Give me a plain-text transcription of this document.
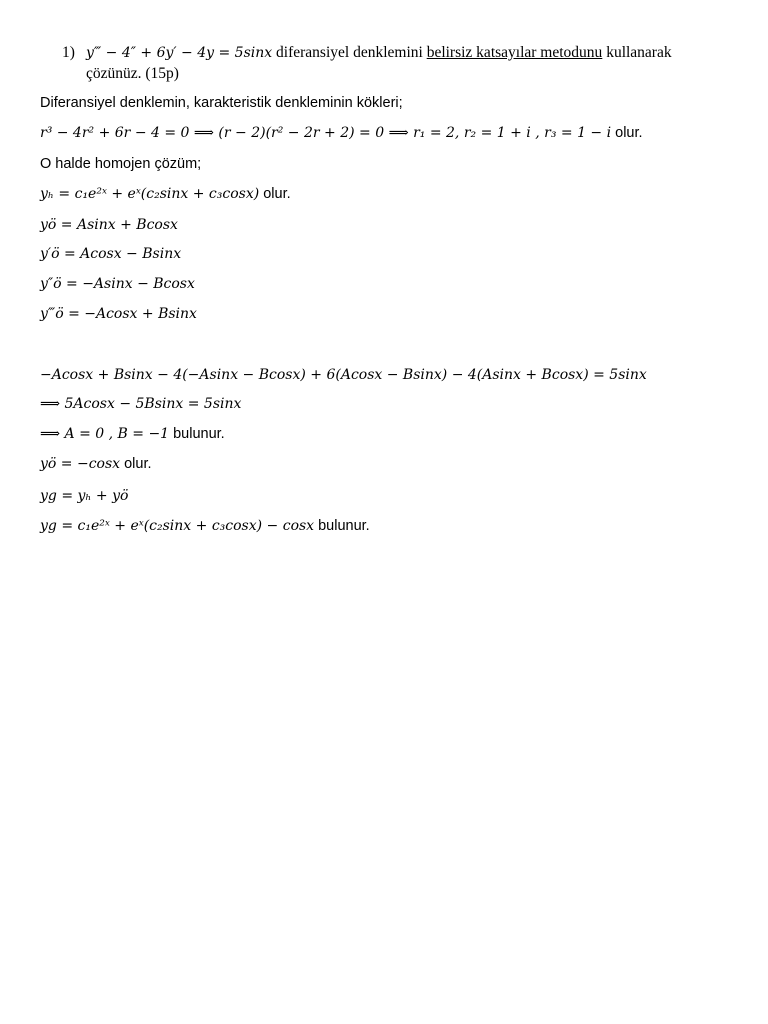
1) y‴ − 4″ + 6y′ − 4y = 5sinx diferansiyel denklemini belirsiz katsayılar metodunu kullanarak
çözünüz. (15p)
Diferansiyel denklemin, karakteristik denkleminin kökleri;
r³ − 4r² + 6r − 4 = 0 ⟹ (r − 2)(r² − 2r + 2) = 0 ⟹ r₁ = 2, r₂ = 1 + i , r₃ = 1 − i olur.
O halde homojen çözüm;
yₕ = c₁e²ˣ + eˣ(c₂sinx + c₃cosx) olur.
yö = Asinx + Bcosx
y′ö = Acosx − Bsinx
y″ö = −Asinx − Bcosx
y‴ö = −Acosx + Bsinx
−Acosx + Bsinx − 4(−Asinx − Bcosx) + 6(Acosx − Bsinx) − 4(Asinx + Bcosx) = 5sinx
⟹ 5Acosx − 5Bsinx = 5sinx
⟹ A = 0 , B = −1 bulunur.
yö = −cosx olur.
yg = yₕ + yö
yg = c₁e²ˣ + eˣ(c₂sinx + c₃cosx) − cosx bulunur.
